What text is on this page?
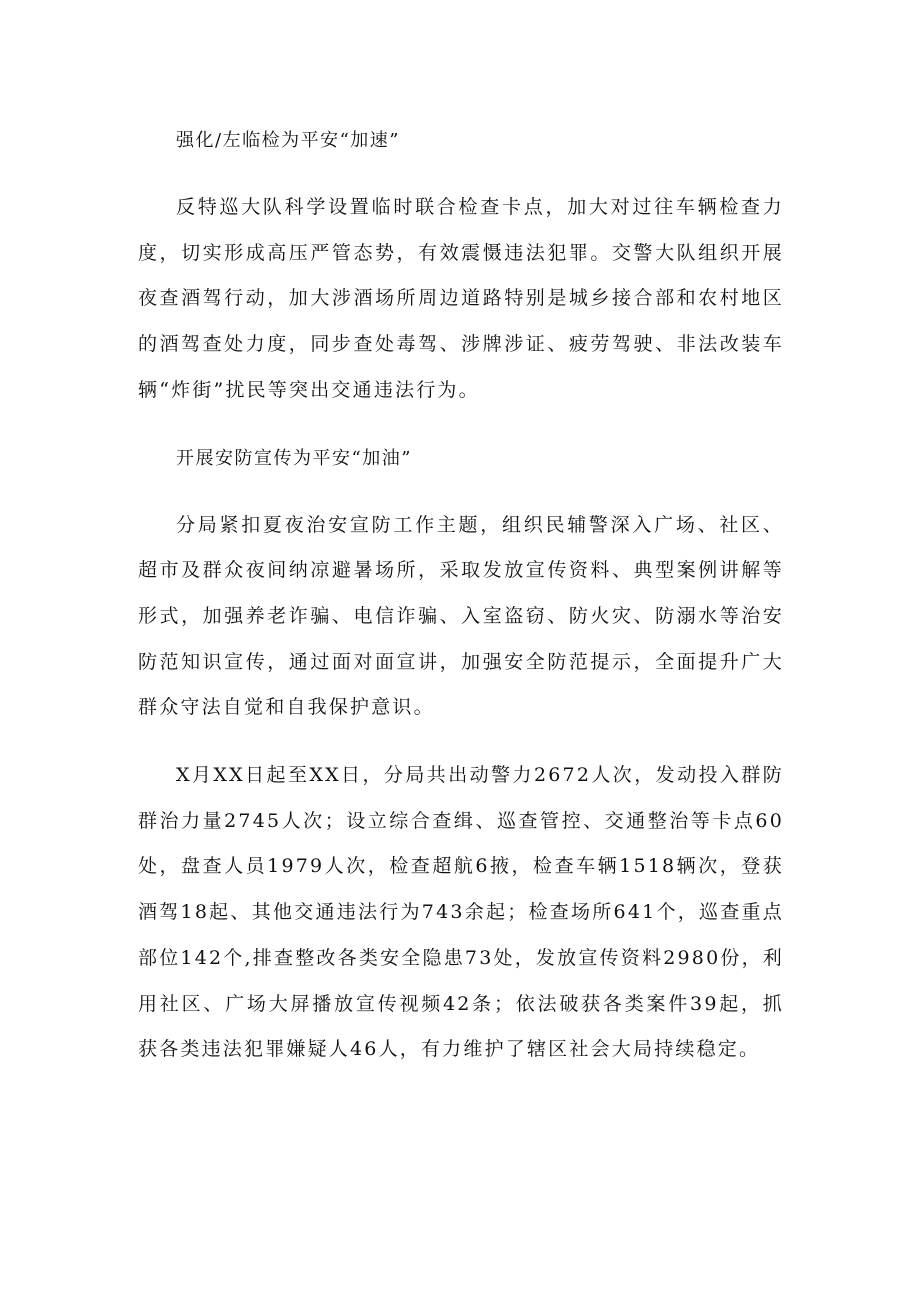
强化/左临检为平安“加速”

反特巡大队科学设置临时联合检查卡点，加大对过往车辆检查力度，切实形成高压严管态势，有效震慑违法犯罪。交警大队组织开展夜查酒驾行动，加大涉酒场所周边道路特别是城乡接合部和农村地区的酒驾查处力度，同步查处毒驾、涉牌涉证、疲劳驾驶、非法改装车辆“炸街”扰民等突出交通违法行为。

开展安防宣传为平安“加油”

分局紧扣夏夜治安宣防工作主题，组织民辅警深入广场、社区、超市及群众夜间纳凉避暑场所，采取发放宣传资料、典型案例讲解等形式，加强养老诈骗、电信诈骗、入室盗窃、防火灾、防溺水等治安防范知识宣传，通过面对面宣讲，加强安全防范提示，全面提升广大群众守法自觉和自我保护意识。

X月XX日起至XX日，分局共出动警力2672人次，发动投入群防群治力量2745人次；设立综合查缉、巡查管控、交通整治等卡点60处，盘查人员1979人次，检查超航6掖，检查车辆1518辆次，登获酒驾18起、其他交通违法行为743余起；检查场所641个，巡查重点部位142个,排查整改各类安全隐患73处，发放宣传资料2980份，利用社区、广场大屏播放宣传视频42条；依法破获各类案件39起，抓获各类违法犯罪嫌疑人46人，有力维护了辖区社会大局持续稳定。
